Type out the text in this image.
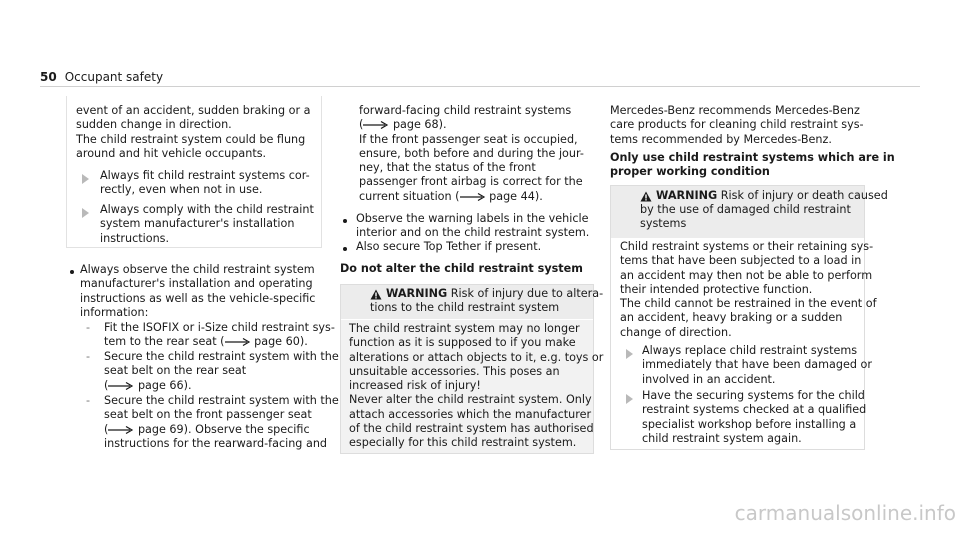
50 Occupant safety
event of an accident, sudden braking or a
sudden change in direction.
The child restraint system could be flung
around and hit vehicle occupants.
Always fit child restraint systems cor-
rectly, even when not in use.
Always comply with the child restraint
system manufacturer's installation
instructions.
Always observe the child restraint system
manufacturer's installation and operating
instructions as well as the vehicle-specific
information:
- Fit the ISOFIX or i-Size child restraint sys-
tem to the rear seat (	page 60).
- Secure the child restraint system with the
seat belt on the rear seat
(	page 66).
- Secure the child restraint system with the
seat belt on the front passenger seat
(	page 69). Observe the specific
instructions for the rearward-facing and
forward-facing child restraint systems
(	page 68).
If the front passenger seat is occupied,
ensure, both before and during the jour-
ney, that the status of the front
passenger front airbag is correct for the
current situation (	page 44).
Observe the warning labels in the vehicle
interior and on the child restraint system.
Also secure Top Tether if present.
Do not alter the child restraint system
WARNING Risk of injury due to altera-
tions to the child restraint system
The child restraint system may no longer
function as it is supposed to if you make
alterations or attach objects to it, e.g. toys or
unsuitable accessories. This poses an
increased risk of injury!
Never alter the child restraint system. Only
attach accessories which the manufacturer
of the child restraint system has authorised
especially for this child restraint system.
Mercedes-Benz recommends Mercedes-Benz
care products for cleaning child restraint sys-
tems recommended by Mercedes-Benz.
Only use child restraint systems which are in
proper working condition
WARNING Risk of injury or death caused
by the use of damaged child restraint
systems
Child restraint systems or their retaining sys-
tems that have been subjected to a load in
an accident may then not be able to perform
their intended protective function.
The child cannot be restrained in the event of
an accident, heavy braking or a sudden
change of direction.
Always replace child restraint systems
immediately that have been damaged or
involved in an accident.
Have the securing systems for the child
restraint systems checked at a qualified
specialist workshop before installing a
child restraint system again.
carmanualsonline.info
